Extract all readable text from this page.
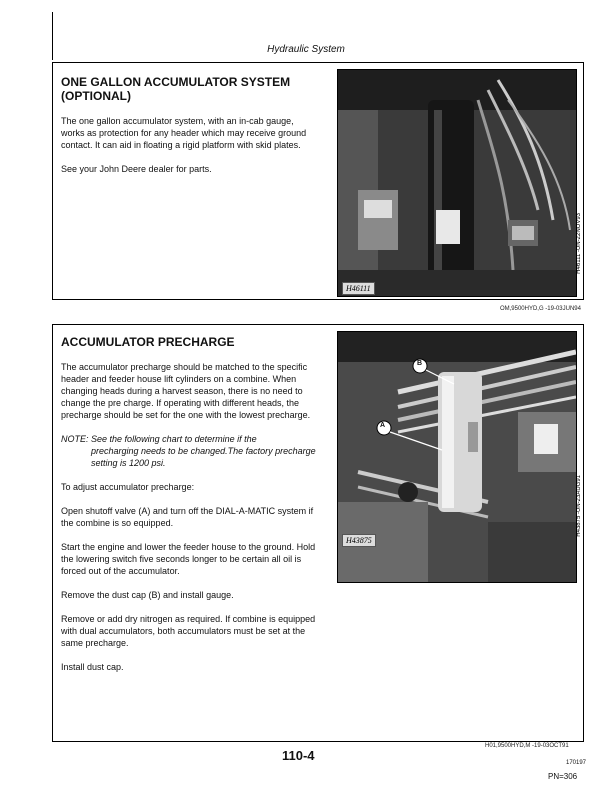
Hydraulic System

ONE GALLON ACCUMULATOR SYSTEM (OPTIONAL)

The one gallon accumulator system, with an in-cab gauge, works as protection for any header which may receive ground contact. It can aid in floating a rigid platform with skid plates.

See your John Deere dealer for parts.

H46111
H46111 -UN-22NOV93
OM,9500HYD,G -19-03JUN94

ACCUMULATOR PRECHARGE

The accumulator precharge should be matched to the specific header and feeder house lift cylinders on a combine. When changing heads during a harvest season, there is no need to change the pre charge. If operating with different heads, the precharge should be set for the one with the lowest precharge.

NOTE: See the following chart to determine if the
precharging needs to be changed.The factory precharge setting is 1200 psi.

To adjust accumulator precharge:

Open shutoff valve (A) and turn off the DIAL-A-MATIC system if the combine is so equipped.

Start the engine and lower the feeder house to the ground. Hold the lowering switch five seconds longer to be certain all oil is forced out of the accumulator.

Remove the dust cap (B) and install gauge.

Remove or add dry nitrogen as required. If combine is equipped with dual accumulators, both accumulators must be set at the same precharge.

Install dust cap.

H43875
A
B
H43875 -UN-23AUG91
H01,9500HYD,M -19-03OCT91
110-4	170197
PN=306
